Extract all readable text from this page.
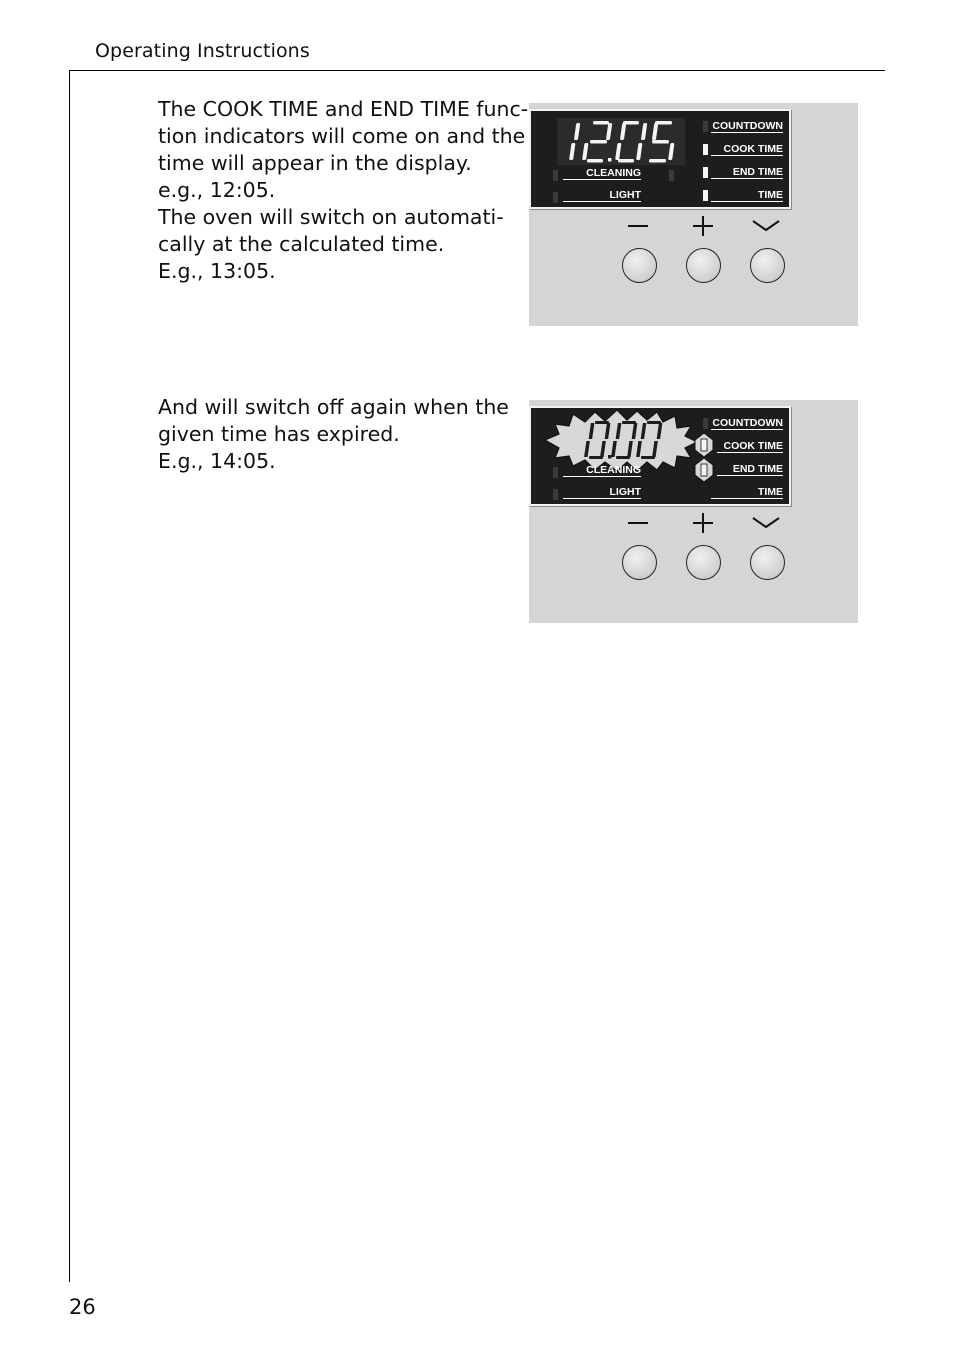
Operating Instructions

The COOK TIME and END TIME func-

tion indicators will come on and the

time will appear in the display.

e.g., 12:05.

The oven will switch on automati-

cally at the calculated time.

E.g., 13:05.

CLEANING
LIGHT
COUNTDOWN
COOK TIME
END TIME
TIME

And will switch off again when the

given time has expired.

E.g., 14:05.	CLEANING
LIGHT
COUNTDOWN
COOK TIME
END TIME
TIME
26
